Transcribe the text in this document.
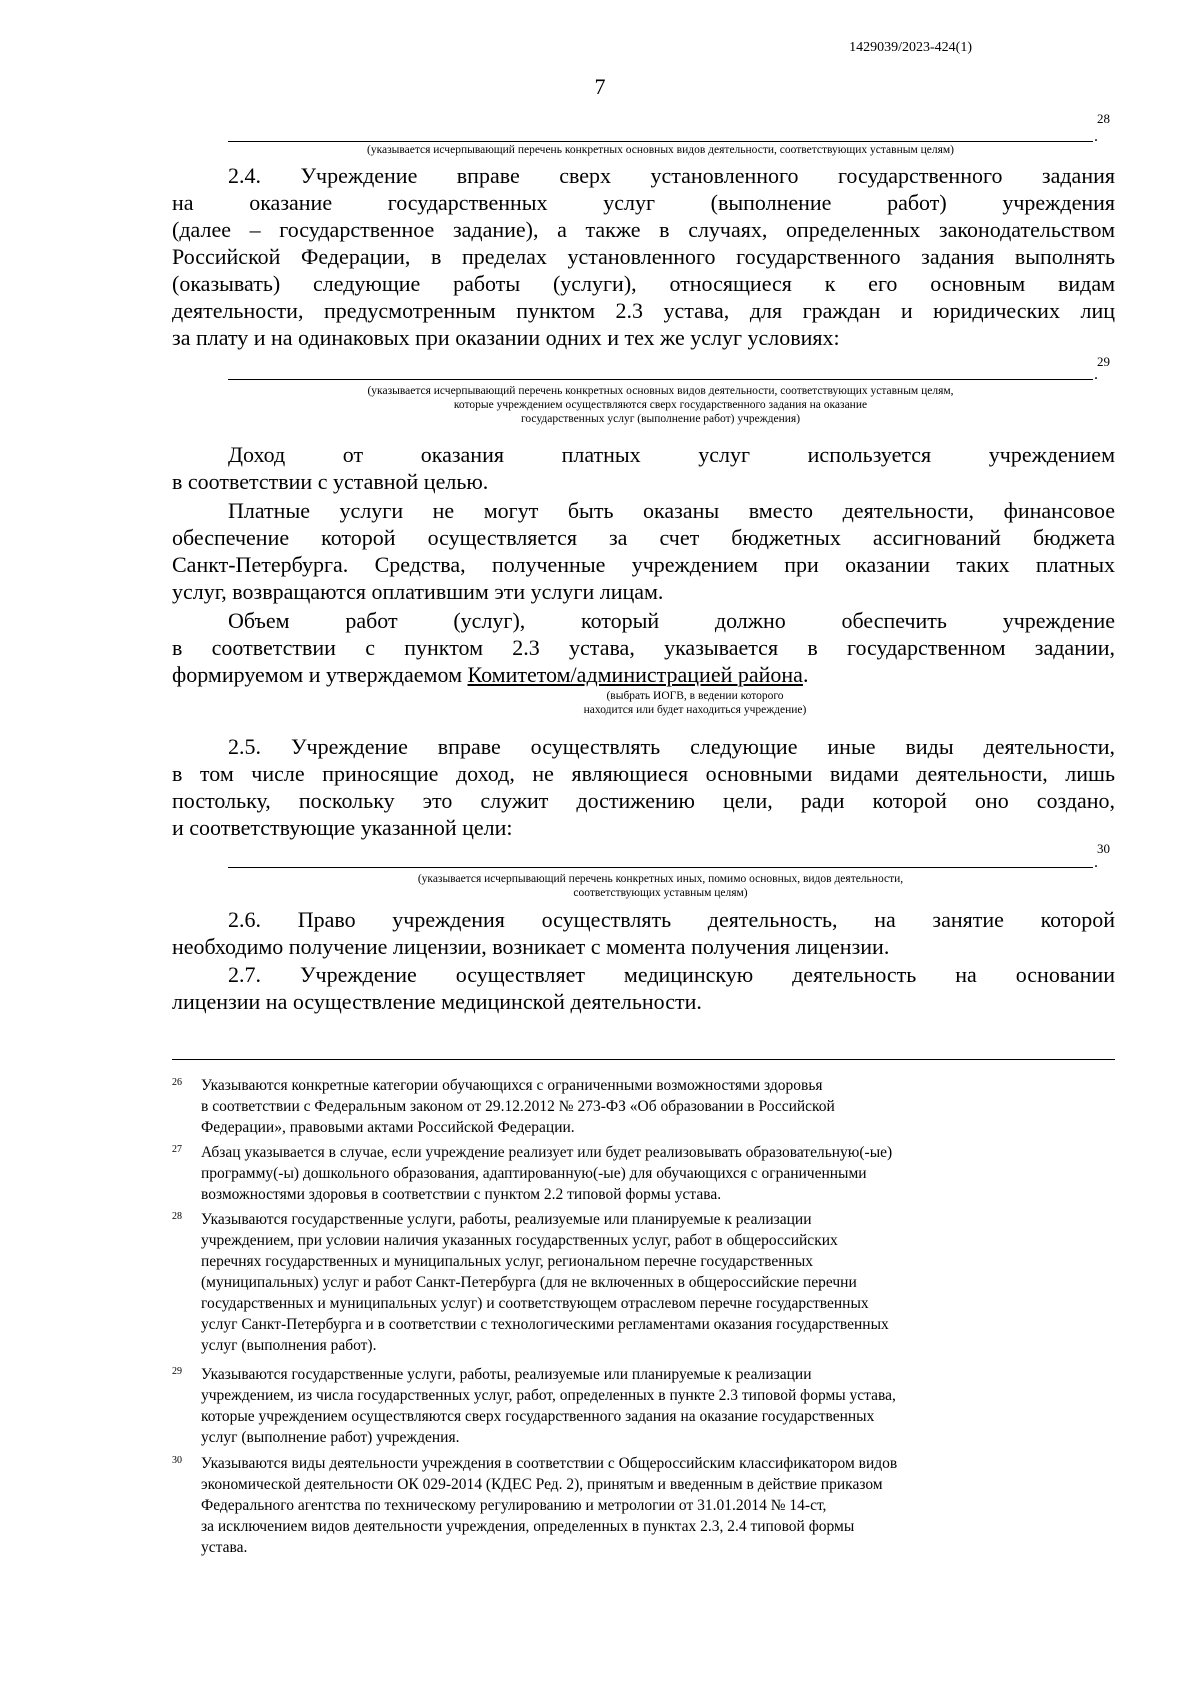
1429039/2023-424(1)
7
28
.
(указывается исчерпывающий перечень конкретных основных видов деятельности, соответствующих уставным целям)

2.4. Учреждение вправе сверх установленного государственного задания

на оказание государственных услуг (выполнение работ) учреждения

(далее – государственное задание), а также в случаях, определенных законодательством

Российской Федерации, в пределах установленного государственного задания выполнять

(оказывать) следующие работы (услуги), относящиеся к его основным видам

деятельности, предусмотренным пунктом 2.3 устава, для граждан и юридических лиц

за плату и на одинаковых при оказании одних и тех же услуг условиях:

29
.
(указывается исчерпывающий перечень конкретных основных видов деятельности, соответствующих уставным целям,
которые учреждением осуществляются сверх государственного задания на оказание
государственных услуг (выполнение работ) учреждения)

Доход от оказания платных услуг используется учреждением

в соответствии с уставной целью.

Платные услуги не могут быть оказаны вместо деятельности, финансовое

обеспечение которой осуществляется за счет бюджетных ассигнований бюджета

Санкт-Петербурга. Средства, полученные учреждением при оказании таких платных

услуг, возвращаются оплатившим эти услуги лицам.

Объем работ (услуг), который должно обеспечить учреждение

в соответствии с пунктом 2.3 устава, указывается в государственном задании,

формируемом и утверждаемом Комитетом/администрацией района.

(выбрать ИОГВ, в ведении которого
находится или будет находиться учреждение)

2.5. Учреждение вправе осуществлять следующие иные виды деятельности,

в том числе приносящие доход, не являющиеся основными видами деятельности, лишь

постольку, поскольку это служит достижению цели, ради которой оно создано,

и соответствующие указанной цели:

30
.
(указывается исчерпывающий перечень конкретных иных, помимо основных, видов деятельности,
соответствующих уставным целям)

2.6. Право учреждения осуществлять деятельность, на занятие которой

необходимо получение лицензии, возникает с момента получения лицензии.

2.7. Учреждение осуществляет медицинскую деятельность на основании

лицензии на осуществление медицинской деятельности.

26 Указываются конкретные категории обучающихся с ограниченными возможностями здоровья
в соответствии с Федеральным законом от 29.12.2012 № 273-ФЗ «Об образовании в Российской
Федерации», правовыми актами Российской Федерации.
27 Абзац указывается в случае, если учреждение реализует или будет реализовывать образовательную(-ые)
программу(-ы) дошкольного образования, адаптированную(-ые) для обучающихся с ограниченными
возможностями здоровья в соответствии с пунктом 2.2 типовой формы устава.
28 Указываются государственные услуги, работы, реализуемые или планируемые к реализации
учреждением, при условии наличия указанных государственных услуг, работ в общероссийских
перечнях государственных и муниципальных услуг, региональном перечне государственных
(муниципальных) услуг и работ Санкт-Петербурга (для не включенных в общероссийские перечни
государственных и муниципальных услуг) и соответствующем отраслевом перечне государственных
услуг Санкт-Петербурга и в соответствии с технологическими регламентами оказания государственных
услуг (выполнения работ).
29 Указываются государственные услуги, работы, реализуемые или планируемые к реализации
учреждением, из числа государственных услуг, работ, определенных в пункте 2.3 типовой формы устава,
которые учреждением осуществляются сверх государственного задания на оказание государственных
услуг (выполнение работ) учреждения.
30 Указываются виды деятельности учреждения в соответствии с Общероссийским классификатором видов
экономической деятельности ОК 029-2014 (КДЕС Ред. 2), принятым и введенным в действие приказом
Федерального агентства по техническому регулированию и метрологии от 31.01.2014 № 14-ст,
за исключением видов деятельности учреждения, определенных в пунктах 2.3, 2.4 типовой формы
устава.
